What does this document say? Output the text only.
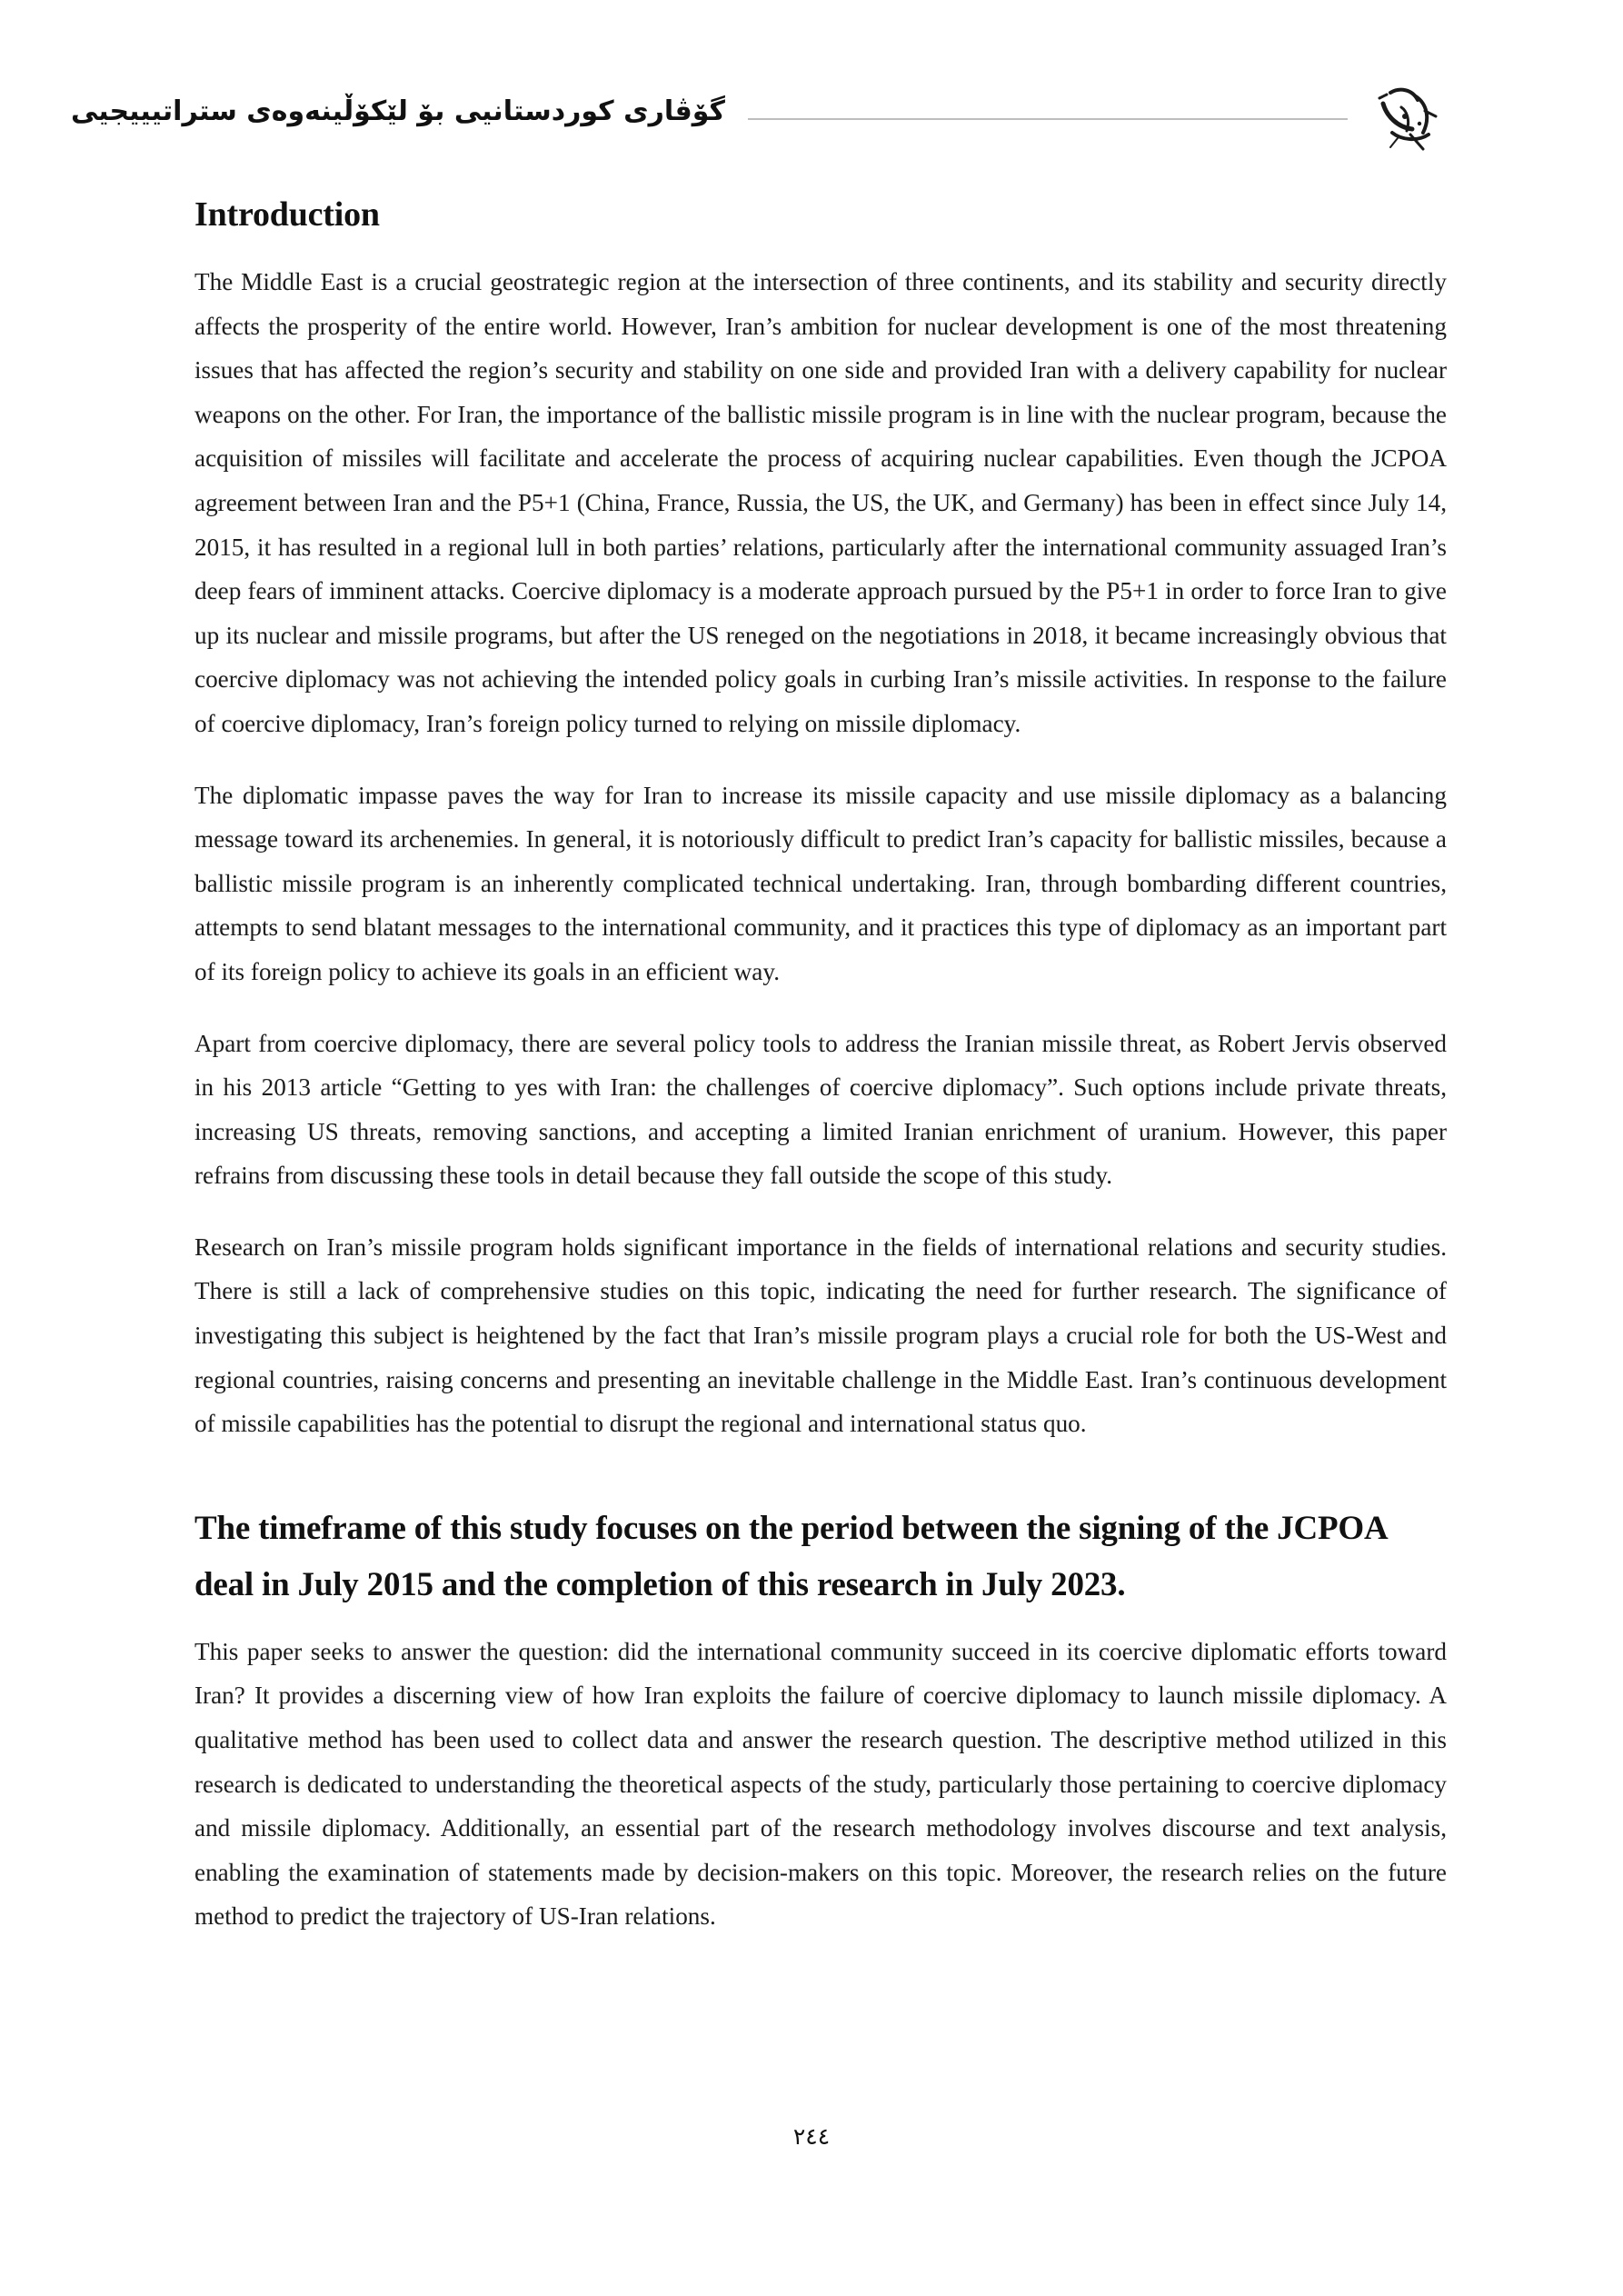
گۆڤاری کوردستانیی بۆ لێکۆڵینەوەی ستراتیییجیی
Introduction

The Middle East is a crucial geostrategic region at the intersection of three continents, and its stability and security directly affects the prosperity of the entire world. However, Iran’s ambition for nuclear development is one of the most threatening issues that has affected the region’s security and stability on one side and provided Iran with a delivery capability for nuclear weapons on the other. For Iran, the importance of the ballistic missile program is in line with the nuclear program, because the acquisition of missiles will facilitate and accelerate the process of acquiring nuclear capabilities. Even though the JCPOA agreement between Iran and the P5+1 (China, France, Russia, the US, the UK, and Germany) has been in effect since July 14, 2015, it has resulted in a regional lull in both parties’ relations, particularly after the international community assuaged Iran’s deep fears of imminent attacks. Coercive diplomacy is a moderate approach pursued by the P5+1 in order to force Iran to give up its nuclear and missile programs, but after the US reneged on the negotiations in 2018, it became increasingly obvious that coercive diplomacy was not achieving the intended policy goals in curbing Iran’s missile activities. In response to the failure of coercive diplomacy, Iran’s foreign policy turned to relying on missile diplomacy.

The diplomatic impasse paves the way for Iran to increase its missile capacity and use missile diplomacy as a balancing message toward its archenemies. In general, it is notoriously difficult to predict Iran’s capacity for ballistic missiles, because a ballistic missile program is an inherently complicated technical undertaking. Iran, through bombarding different countries, attempts to send blatant messages to the international community, and it practices this type of diplomacy as an important part of its foreign policy to achieve its goals in an efficient way.

Apart from coercive diplomacy, there are several policy tools to address the Iranian missile threat, as Robert Jervis observed in his 2013 article “Getting to yes with Iran: the challenges of coercive diplomacy”. Such options include private threats, increasing US threats, removing sanctions, and accepting a limited Iranian enrichment of uranium. However, this paper refrains from discussing these tools in detail because they fall outside the scope of this study.

Research on Iran’s missile program holds significant importance in the fields of international relations and security studies. There is still a lack of comprehensive studies on this topic, indicating the need for further research. The significance of investigating this subject is heightened by the fact that Iran’s missile program plays a crucial role for both the US-West and regional countries, raising concerns and presenting an inevitable challenge in the Middle East. Iran’s continuous development of missile capabilities has the potential to disrupt the regional and international status quo.

The timeframe of this study focuses on the period between the signing of the JCPOA deal in July 2015 and the completion of this research in July 2023.

This paper seeks to answer the question: did the international community succeed in its coercive diplomatic efforts toward Iran? It provides a discerning view of how Iran exploits the failure of coercive diplomacy to launch missile diplomacy. A qualitative method has been used to collect data and answer the research question. The descriptive method utilized in this research is dedicated to understanding the theoretical aspects of the study, particularly those pertaining to coercive diplomacy and missile diplomacy. Additionally, an essential part of the research methodology involves discourse and text analysis, enabling the examination of statements made by decision-makers on this topic. Moreover, the research relies on the future method to predict the trajectory of US-Iran relations.

٢٤٤
